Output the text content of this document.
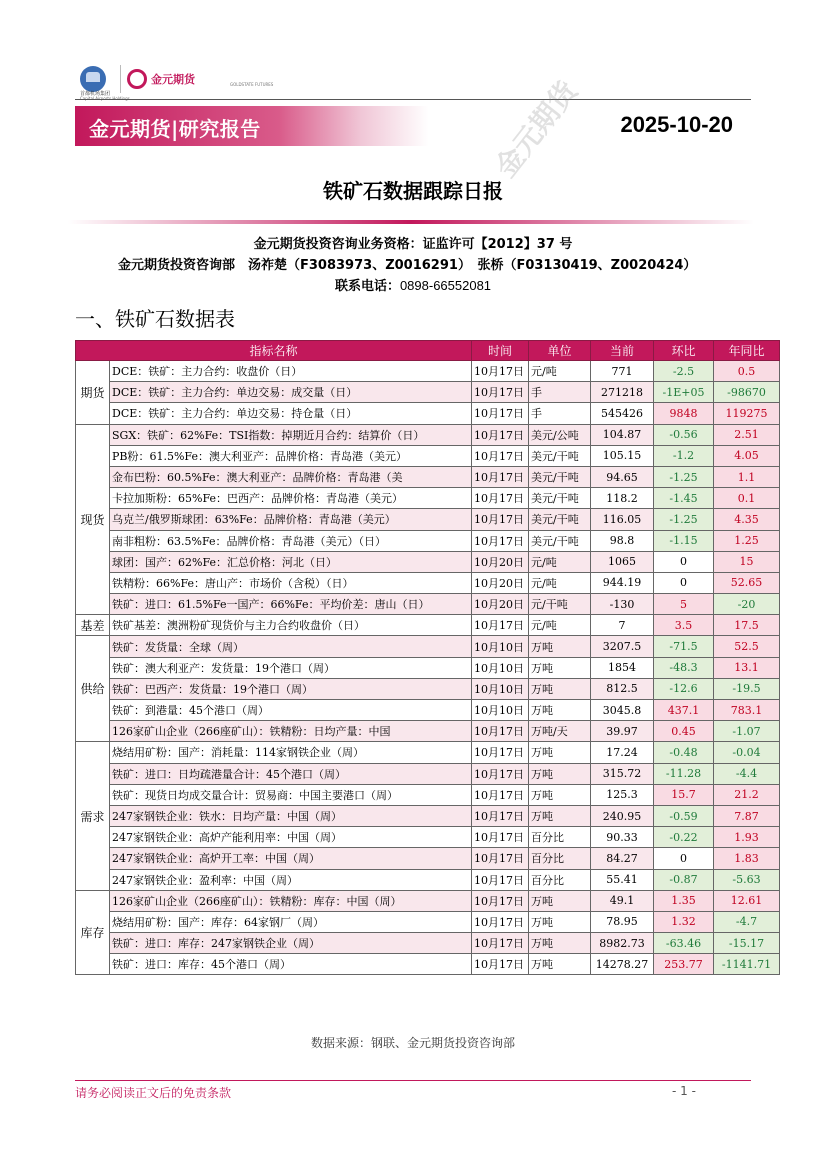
首都机场集团
金元期货	GOLDSTATE FUTURES
金元期货|研究报告	2025-10-20
铁矿石数据跟踪日报
金元期货
金元期货投资咨询业务资格：证监许可【2012】37 号
金元期货投资咨询部　汤祚楚（F3083973、Z0016291）　张桥（F03130419、Z0020424）
联系电话：0898-66552081
一、铁矿石数据表
指标名称		时间	单位	当前	环比	年同比
期货	DCE：铁矿：主力合约：收盘价（日）	10月17日	元/吨	771	-2.5	0.5
	DCE：铁矿：主力合约：单边交易：成交量（日）	10月17日	手	271218	-1E+05	-98670
	DCE：铁矿：主力合约：单边交易：持仓量（日）	10月17日	手	545426	9848	119275
现货	SGX：铁矿：62%Fe：TSI指数：掉期近月合约：结算价（日）	10月17日	美元/公吨	104.87	-0.56	2.51
	PB粉：61.5%Fe：澳大利亚产：品牌价格：青岛港（美元）	10月17日	美元/干吨	105.15	-1.2	4.05
	金布巴粉：60.5%Fe：澳大利亚产：品牌价格：青岛港（美	10月17日	美元/干吨	94.65	-1.25	1.1
	卡拉加斯粉：65%Fe：巴西产：品牌价格：青岛港（美元）	10月17日	美元/干吨	118.2	-1.45	0.1
	乌克兰/俄罗斯球团：63%Fe：品牌价格：青岛港（美元）	10月17日	美元/干吨	116.05	-1.25	4.35
	南非粗粉：63.5%Fe：品牌价格：青岛港（美元）（日）	10月17日	美元/干吨	98.8	-1.15	1.25
	球团：国产：62%Fe：汇总价格：河北（日）	10月20日	元/吨	1065	0	15
	铁精粉：66%Fe：唐山产：市场价（含税）（日）	10月20日	元/吨	944.19	0	52.65
	铁矿：进口：61.5%Fe一国产：66%Fe：平均价差：唐山（日）	10月20日	元/干吨	-130	5	-20
基差	铁矿基差：澳洲粉矿现货价与主力合约收盘价（日）	10月17日	元/吨	7	3.5	17.5
供给	铁矿：发货量：全球（周）	10月10日	万吨	3207.5	-71.5	52.5
	铁矿：澳大利亚产：发货量：19个港口（周）	10月10日	万吨	1854	-48.3	13.1
	铁矿：巴西产：发货量：19个港口（周）	10月10日	万吨	812.5	-12.6	-19.5
	铁矿：到港量：45个港口（周）	10月10日	万吨	3045.8	437.1	783.1
	126家矿山企业（266座矿山）：铁精粉：日均产量：中国	10月17日	万吨/天	39.97	0.45	-1.07
需求	烧结用矿粉：国产：消耗量：114家钢铁企业（周）	10月17日	万吨	17.24	-0.48	-0.04
	铁矿：进口：日均疏港量合计：45个港口（周）	10月17日	万吨	315.72	-11.28	-4.4
	铁矿：现货日均成交量合计：贸易商：中国主要港口（周）	10月17日	万吨	125.3	15.7	21.2
	247家钢铁企业：铁水：日均产量：中国（周）	10月17日	万吨	240.95	-0.59	7.87
	247家钢铁企业：高炉产能利用率：中国（周）	10月17日	百分比	90.33	-0.22	1.93
	247家钢铁企业：高炉开工率：中国（周）	10月17日	百分比	84.27	0	1.83
	247家钢铁企业：盈利率：中国（周）	10月17日	百分比	55.41	-0.87	-5.63
库存	126家矿山企业（266座矿山）：铁精粉：库存：中国（周）	10月17日	万吨	49.1	1.35	12.61
	烧结用矿粉：国产：库存：64家钢厂（周）	10月17日	万吨	78.95	1.32	-4.7
	铁矿：进口：库存：247家钢铁企业（周）	10月17日	万吨	8982.73	-63.46	-15.17
	铁矿：进口：库存：45个港口（周）	10月17日	万吨	14278.27	253.77	-1141.71
数据来源：钢联、金元期货投资咨询部
请务必阅读正文后的免责条款	- 1 -
